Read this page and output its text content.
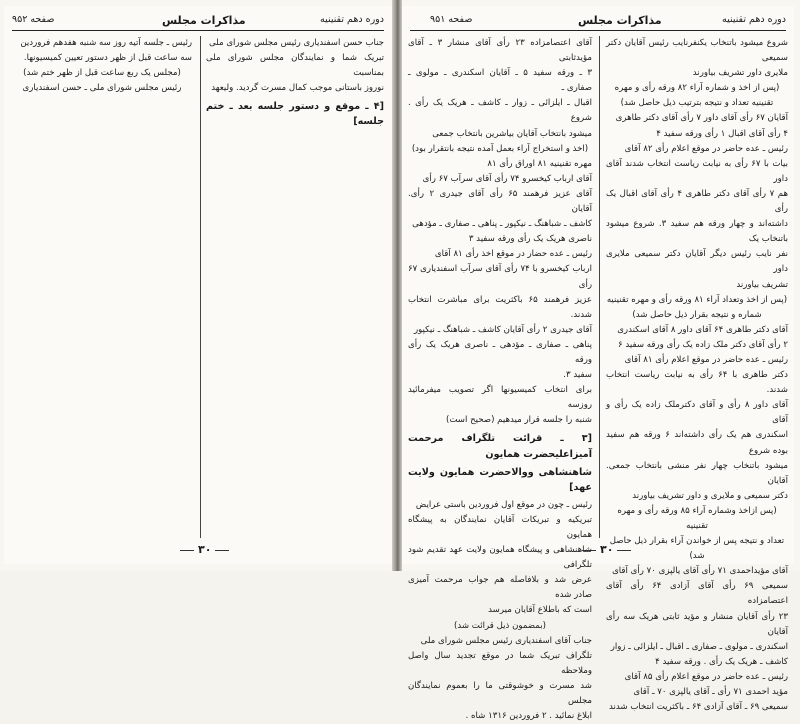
صفحه ۹۵۲	مذاکرات مجلس	دوره دهم تقنینیه

جناب حسن اسفندیاری رئیس مجلس شورای ملی

تبریک شما و نمایندگان مجلس شورای ملی بمناسبت

نوروز باستانی موجب کمال مسرت گردید. ولیعهد

[۴ ـ موقع و دستور جلسه بعد ـ ختم جلسه]

رئیس ـ جلسه آتیه روز سه شنبه هفدهم فروردین

سه ساعت قبل از ظهر دستور تعیین کمیسیونها.

(مجلس یک ربع ساعت قبل از ظهر ختم شد)

رئیس مجلس شورای ملی ـ حسن اسفندیاری

۳۰
دوره دهم تقنینیه
مذاکرات مجلس
صفحه ۹۵۱

شروع میشود باتنخاب یکنفرنایب رئیس آقایان دکتر سمیعی

ملایری داور تشریف بیاورند

(پس از اخذ و شماره آراء ۸۲ ورقه رأی و مهره

تقنینیه تعداد و نتیجه بترتیب ذیل حاصل شد)

آقایان ۶۷ رأی آقای داور ۷ رأی آقای دکتر طاهری

۴ رأی آقای اقبال ۱ رأی ورقه سفید ۴

رئیس ـ عده حاضر در موقع اعلام رأی ۸۲ آقای

بیات با ۶۷ رأی به نیابت ریاست انتخاب شدند آقای داور

هم ۷ رأی آقای دکتر طاهری ۴ رأی آقای اقبال یک رأی

داشته‌اند و چهار ورقه هم سفید ۳. شروع میشود باتنخاب یک

نفر نایب رئیس دیگر آقایان دکتر سمیعی ملایری داور

تشریف بیاورند

(پس از اخذ وتعداد آراء ۸۱ ورقه رأی و مهره تقنینیه

شماره و نتیجه بقرار ذیل حاصل شد)

آقای دکتر طاهری ۶۴ آقای داور ۸ آقای اسکندری

۲ رأی آقای دکتر ملک زاده یک رأی ورقه سفید ۶

رئیس ـ عده حاضر در موقع اعلام رأی ۸۱ آقای

دکتر طاهری با ۶۴ رأی به نیابت ریاست انتخاب شدند.

آقای داور ۸ رأی و آقای دکترملک زاده یک رأی و آقای

اسکندری هم یک رأی داشته‌اند ۶ ورقه هم سفید بوده شروع

میشود باتنخاب چهار نفر منشی بانتخاب جمعی. آقایان

دکتر سمیعی و ملایری و داور تشریف بیاورند

(پس ازاخذ وشماره آراء ۸۵ ورقه رأی و مهره تقنینیه

تعداد و نتیجه پس از خواندن آراء بقرار ذیل حاصل شد)

آقای مؤیداحمدی ۷۱ رأی آقای یالپزی ۷۰ رأی آقای

سمیعی ۶۹ رأی آقای آزادی ۶۴ رأی آقای اعتصامزاده

۲۳ رأی آقایان منشار و مؤید ثابتی هریک سه رأی آقایان

اسکندری ـ مولوی ـ صفاری ـ اقبال ـ ایلزائی ـ زوار

کاشف ـ هریک یک رأی . ورقه سفید ۴

رئیس ـ عده حاضر در موقع اعلام رأی ۸۵ آقای

مؤید احمدی ۷۱ رأی ـ آقای یالپزی ۷۰ ـ آقای

سمیعی ۶۹ ـ آقای آزادی ۶۴ ـ باکثریت انتخاب شدند

آقای اعتصامزاده ۲۳ رأی آقای منشار ۳ ـ آقای مؤیدثابتی

۳ ـ ورقه سفید ۵ ـ آقایان اسکندری ـ مولوی ـ صفاری ـ

اقبال ـ ایلزائی ـ زوار ـ کاشف ـ هریک یک رأی . شروع

میشود بانتخاب آقایان بیاشرین بانتخاب جمعی

(اخذ و استخراج آراء بعمل آمده نتیجه بانتقرار بود)

مهره تقنینیه ۸۱ اوراق رأی ۸۱

آقای ارباب کیخسرو ۷۴ رأی آقای سرآب ۶۷ رأی

آقای عزیز فرهمند ۶۵ رأی آقای جیدری ۲ رأی. آقایان

کاشف ـ شباهنگ ـ نیکپور ـ پناهی ـ صفاری ـ مؤدهی

ناصری هریک یک رأی ورقه سفید ۳

رئیس ـ عده حضار در موقع اخذ رأی ۸۱ آقای

ارباب کیخسرو با ۷۴ رأی آقای سرآب اسفندیاری ۶۷ رأی

عزیز فرهمند ۶۵ باکثریت برای مباشرت انتخاب شدند.

آقای جیدری ۲ رأی آقایان کاشف ـ شباهنگ ـ نیکپور

پناهی ـ صفاری ـ مؤدهی ـ ناصری هریک یک رأی ورقه

سفید ۳.

برای انتخاب کمیسیونها اگر تصویب میفرمائید روزسه

شنبه را جلسه قرار میدهیم (صحیح است)

[۳ ـ قرائت تلگراف مرحمت آمیزاعلیحضرت همایون

شاهنشاهی ووالاحضرت همایون ولایت عهد]

رئیس ـ چون در موقع اول فروردین باستی عرایض

تبریکیه و تبریکات آقایان نمایندگان به پیشگاه همایون

شاهنشاهی و پیشگاه همایون ولایت عهد تقدیم شود تلگرافی

عرض شد و بلافاصله هم جواب مرحمت آمیزی صادر شده

است که باطلاع آقایان میرسد

(بمضمون ذیل قرائت شد)

جناب آقای اسفندیاری رئیس مجلس شورای ملی

تلگراف تبریک شما در موقع تجدید سال واصل وملاحظه

شد مسرت و خوشوقتی ما را بعموم نمایندگان مجلس

ابلاغ نمائید . ۲ فروردین ۱۳۱۶ شاه .

۳۰
